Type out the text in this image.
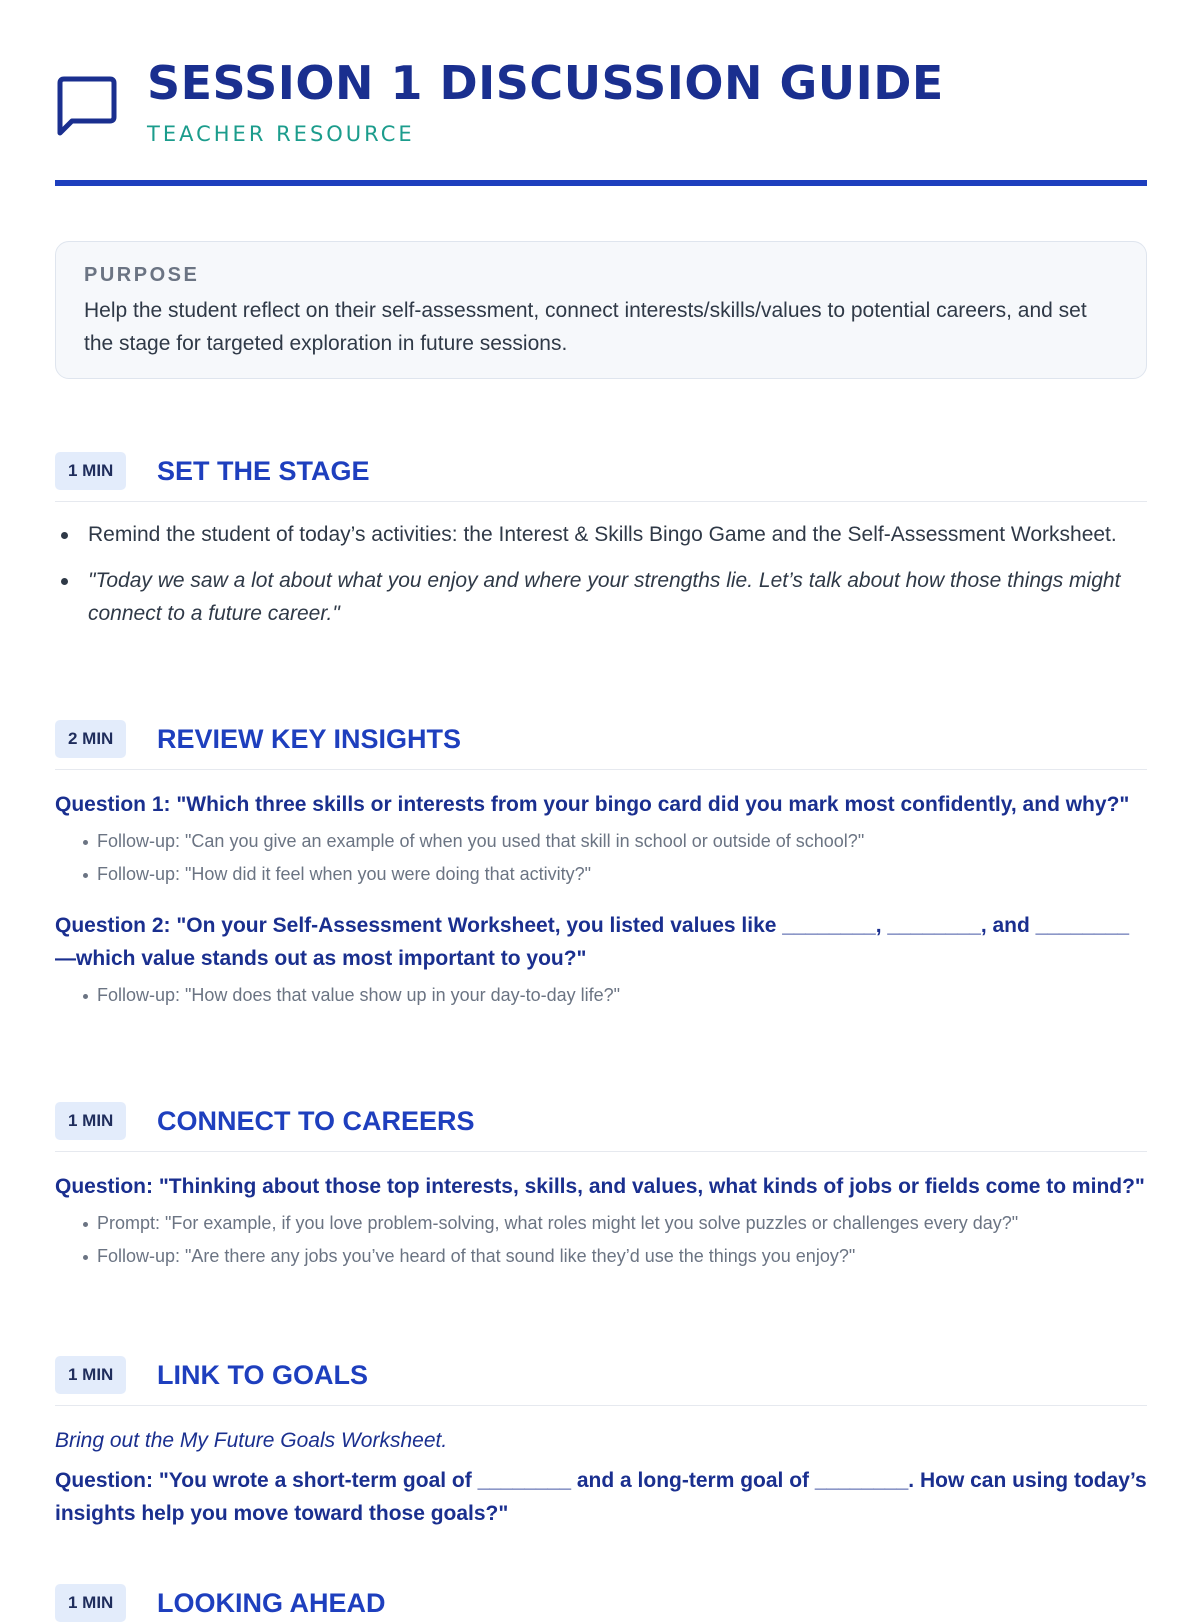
SESSION 1 DISCUSSION GUIDE
TEACHER RESOURCE
PURPOSE
Help the student reflect on their self-assessment, connect interests/skills/values to potential careers, and set the stage for targeted exploration in future sessions.
1 MIN	SET THE STAGE
Remind the student of today’s activities: the Interest & Skills Bingo Game and the Self-Assessment Worksheet.
"Today we saw a lot about what you enjoy and where your strengths lie. Let’s talk about how those things might connect to a future career."
2 MIN	REVIEW KEY INSIGHTS
Question 1: "Which three skills or interests from your bingo card did you mark most confidently, and why?"
Follow-up: "Can you give an example of when you used that skill in school or outside of school?"
Follow-up: "How did it feel when you were doing that activity?"
Question 2: "On your Self-Assessment Worksheet, you listed values like ________, ________, and ________—which value stands out as most important to you?"
Follow-up: "How does that value show up in your day-to-day life?"
1 MIN	CONNECT TO CAREERS
Question: "Thinking about those top interests, skills, and values, what kinds of jobs or fields come to mind?"
Prompt: "For example, if you love problem-solving, what roles might let you solve puzzles or challenges every day?"
Follow-up: "Are there any jobs you’ve heard of that sound like they’d use the things you enjoy?"
1 MIN	LINK TO GOALS
Bring out the My Future Goals Worksheet.
Question: "You wrote a short-term goal of ________ and a long-term goal of ________. How can using today’s insights help you move toward those goals?"
1 MIN	LOOKING AHEAD
